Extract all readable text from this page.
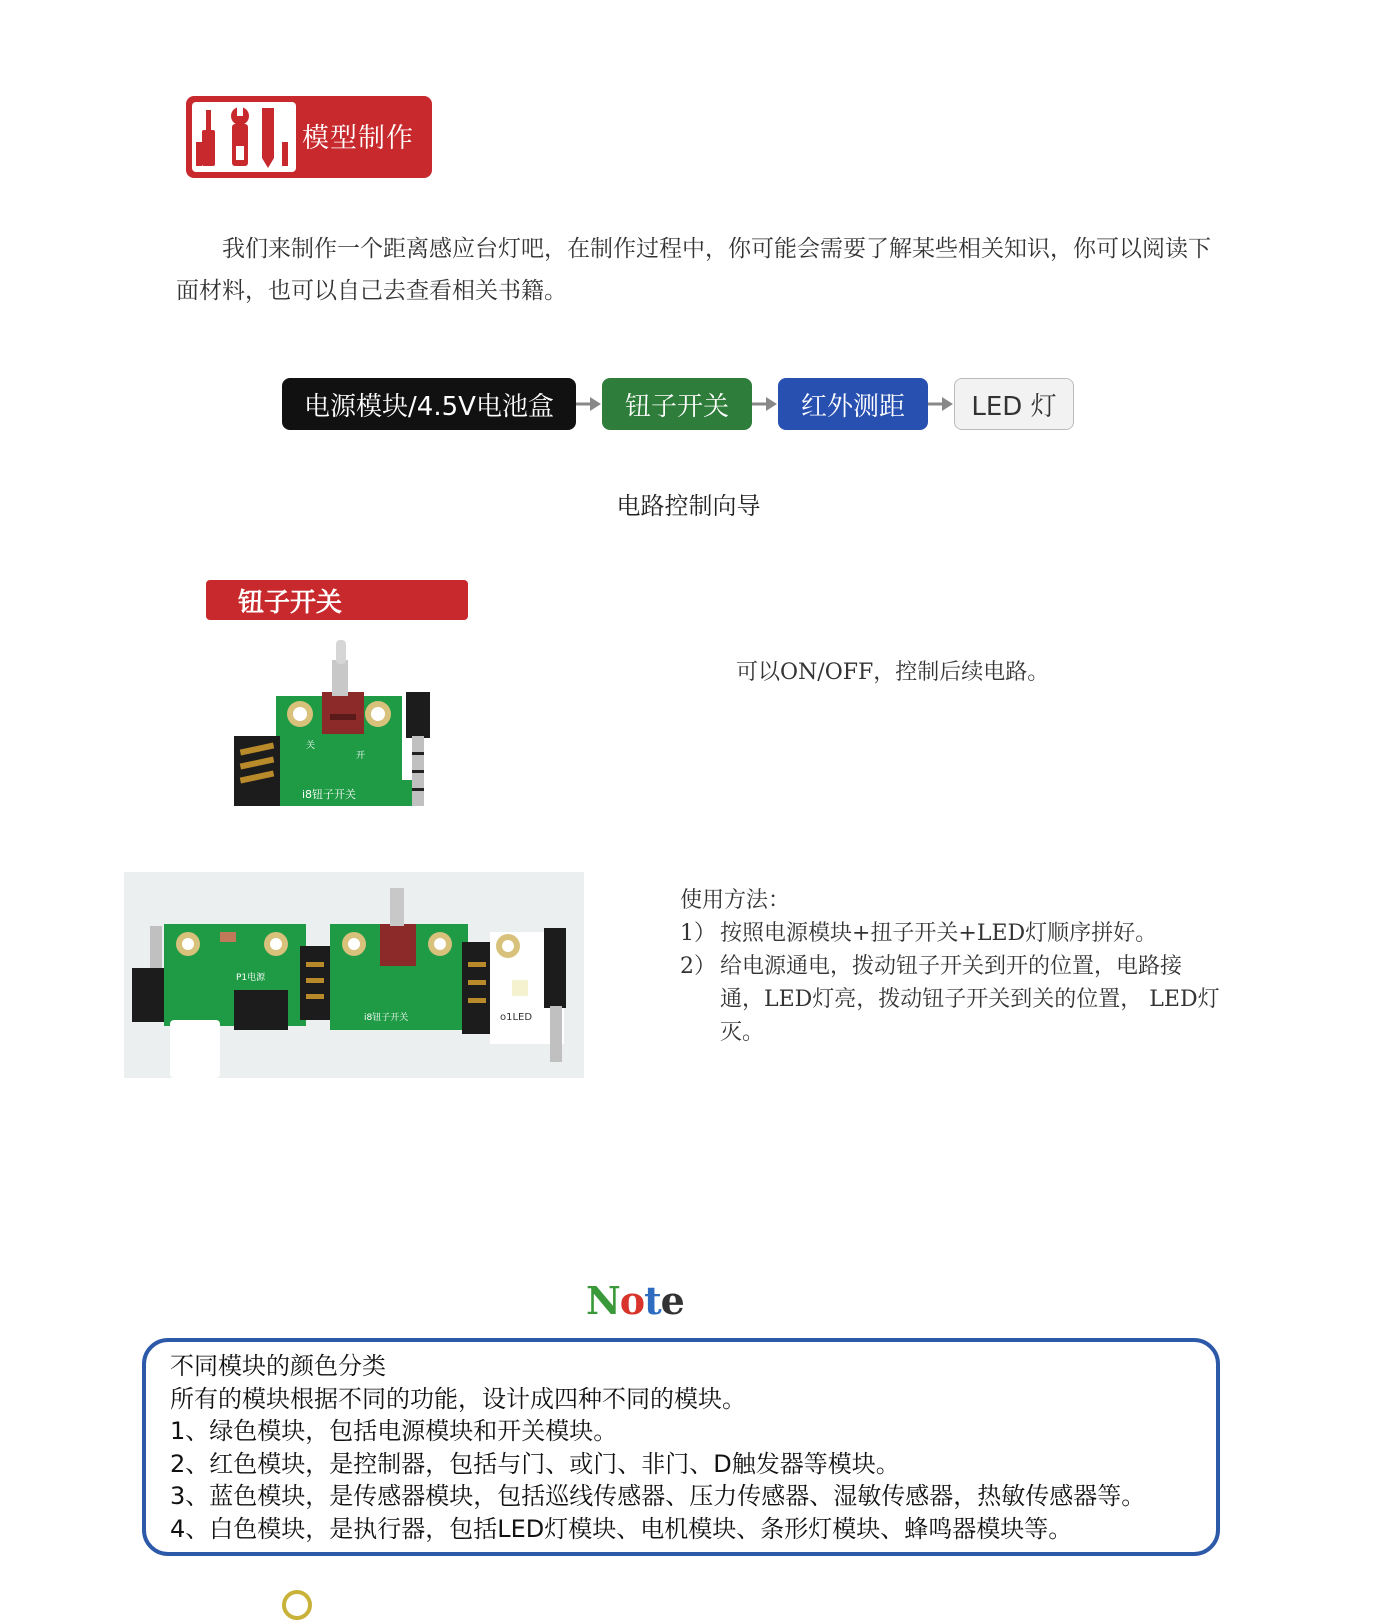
模型制作

我们来制作一个距离感应台灯吧，在制作过程中，你可能会需要了解某些相关知识，你可以阅读下面材料，也可以自己去查看相关书籍。

电源模块/4.5V电池盒	钮子开关	红外测距	LED 灯
电路控制向导
钮子开关
关
开
i8钮子开关
可以ON/OFF，控制后续电路。
P1电源
i8钮子开关	o1LED
使用方法：
1） 按照电源模块+扭子开关+LED灯顺序拼好。
2） 给电源通电，拨动钮子开关到开的位置，电路接通，LED灯亮，拨动钮子开关到关的位置， LED灯灭。
Note
不同模块的颜色分类
所有的模块根据不同的功能，设计成四种不同的模块。
1、绿色模块，包括电源模块和开关模块。
2、红色模块，是控制器，包括与门、或门、非门、D触发器等模块。
3、蓝色模块，是传感器模块，包括巡线传感器、压力传感器、湿敏传感器，热敏传感器等。
4、白色模块，是执行器，包括LED灯模块、电机模块、条形灯模块、蜂鸣器模块等。
